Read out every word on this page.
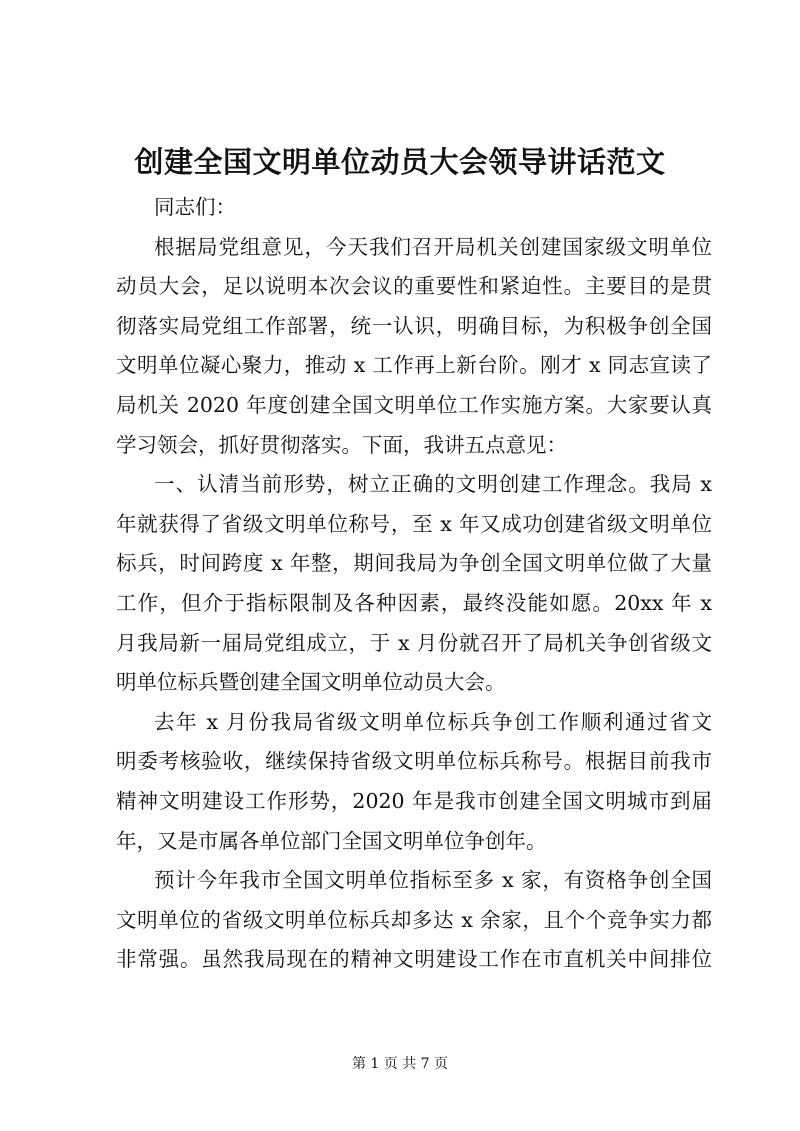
创建全国文明单位动员大会领导讲话范文
同志们：
根据局党组意见，今天我们召开局机关创建国家级文明单位
动员大会，足以说明本次会议的重要性和紧迫性。主要目的是贯
彻落实局党组工作部署，统一认识，明确目标，为积极争创全国
文明单位凝心聚力，推动 x 工作再上新台阶。刚才 x 同志宣读了
局机关 2020 年度创建全国文明单位工作实施方案。大家要认真
学习领会，抓好贯彻落实。下面，我讲五点意见：
一、认清当前形势，树立正确的文明创建工作理念。我局 x
年就获得了省级文明单位称号，至 x 年又成功创建省级文明单位
标兵，时间跨度 x 年整，期间我局为争创全国文明单位做了大量
工作，但介于指标限制及各种因素，最终没能如愿。20xx 年 x
月我局新一届局党组成立，于 x 月份就召开了局机关争创省级文
明单位标兵暨创建全国文明单位动员大会。
去年 x 月份我局省级文明单位标兵争创工作顺利通过省文
明委考核验收，继续保持省级文明单位标兵称号。根据目前我市
精神文明建设工作形势，2020 年是我市创建全国文明城市到届
年，又是市属各单位部门全国文明单位争创年。
预计今年我市全国文明单位指标至多 x 家，有资格争创全国
文明单位的省级文明单位标兵却多达 x 余家，且个个竞争实力都
非常强。虽然我局现在的精神文明建设工作在市直机关中间排位
第 1 页 共 7 页
